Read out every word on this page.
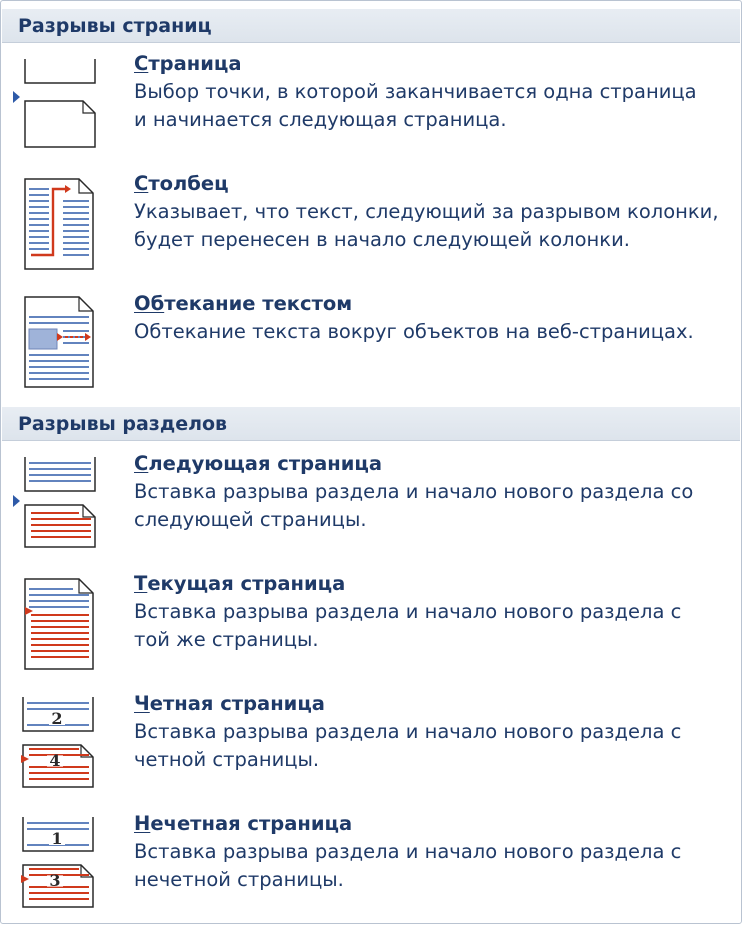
Разрывы страниц
Страница
Выбор точки, в которой заканчивается одна страница
и начинается следующая страница.
Столбец
Указывает, что текст, следующий за разрывом колонки,
будет перенесен в начало следующей колонки.
Обтекание текстом
Обтекание текста вокруг объектов на веб-страницах.
Разрывы разделов
Следующая страница
Вставка разрыва раздела и начало нового раздела со
следующей страницы.
Текущая страница
Вставка разрыва раздела и начало нового раздела с
той же страницы.
2
4
Четная страница
Вставка разрыва раздела и начало нового раздела с
четной страницы.
1
3
Нечетная страница
Вставка разрыва раздела и начало нового раздела с
нечетной страницы.
